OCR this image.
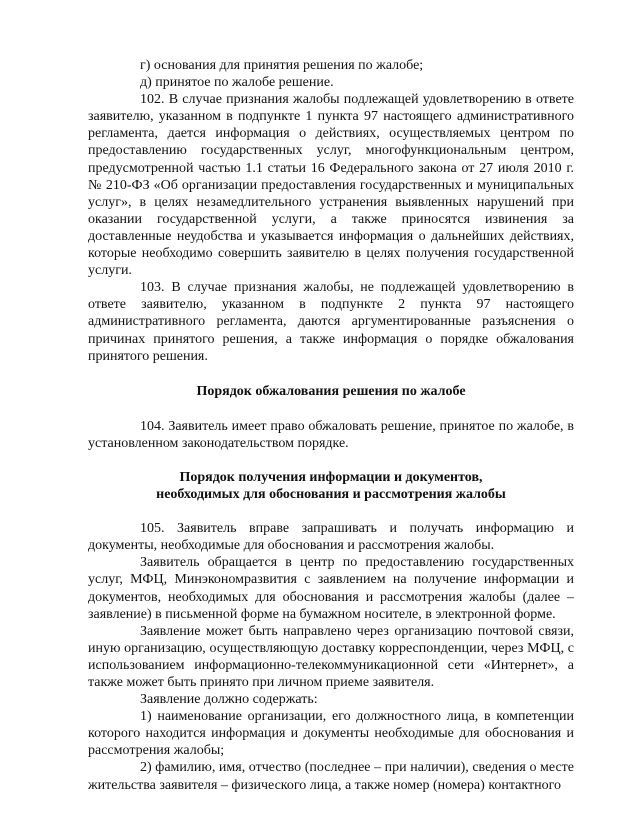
г) основания для принятия решения по жалобе;

д) принятое по жалобе решение.

102. В случае признания жалобы подлежащей удовлетворению в ответе заявителю, указанном в подпункте 1 пункта 97 настоящего административного регламента, дается информация о действиях, осуществляемых центром по предоставлению государственных услуг, многофункциональным центром, предусмотренной частью 1.1 статьи 16 Федерального закона от 27 июля 2010 г. № 210-ФЗ «Об организации предоставления государственных и муниципальных услуг», в целях незамедлительного устранения выявленных нарушений при оказании государственной услуги, а также приносятся извинения за доставленные неудобства и указывается информация о дальнейших действиях, которые необходимо совершить заявителю в целях получения государственной услуги.

103. В случае признания жалобы, не подлежащей удовлетворению в ответе заявителю, указанном в подпункте 2 пункта 97 настоящего административного регламента, даются аргументированные разъяснения о причинах принятого решения, а также информация о порядке обжалования принятого решения.

Порядок обжалования решения по жалобе

104. Заявитель имеет право обжаловать решение, принятое по жалобе, в установленном законодательством порядке.

Порядок получения информации и документов,

необходимых для обоснования и рассмотрения жалобы

105. Заявитель вправе запрашивать и получать информацию и документы, необходимые для обоснования и рассмотрения жалобы.

Заявитель обращается в центр по предоставлению государственных услуг, МФЦ, Минэкономразвития с заявлением на получение информации и документов, необходимых для обоснования и рассмотрения жалобы (далее – заявление) в письменной форме на бумажном носителе, в электронной форме.

Заявление может быть направлено через организацию почтовой связи, иную организацию, осуществляющую доставку корреспонденции, через МФЦ, с использованием информационно-телекоммуникационной сети «Интернет», а также может быть принято при личном приеме заявителя.

Заявление должно содержать:

1) наименование организации, его должностного лица, в компетенции которого находится информация и документы необходимые для обоснования и рассмотрения жалобы;

2) фамилию, имя, отчество (последнее – при наличии), сведения о месте жительства заявителя – физического лица, а также номер (номера) контактного
